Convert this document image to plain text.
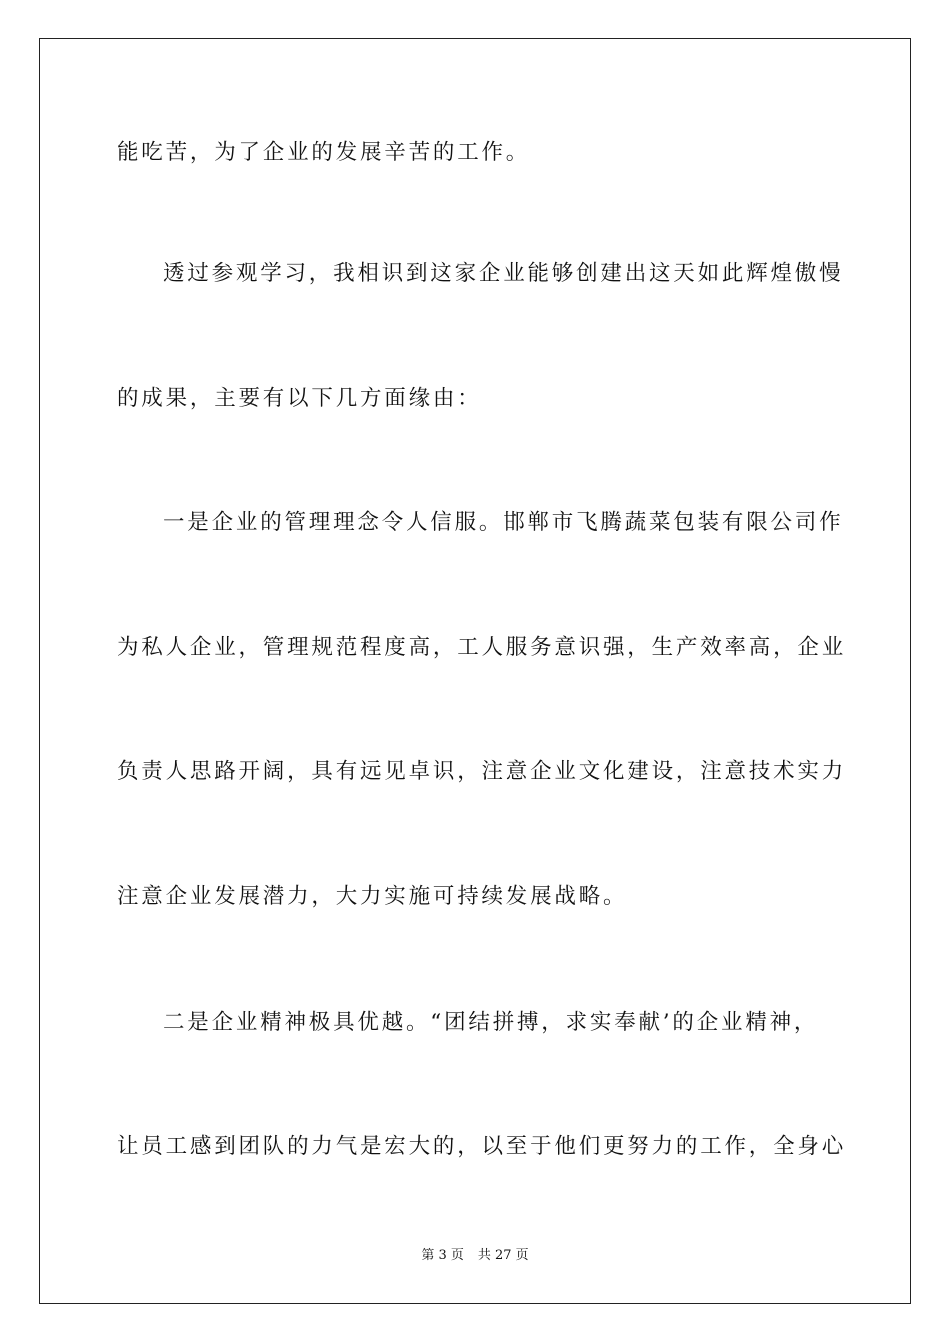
能吃苦，为了企业的发展辛苦的工作。
透过参观学习，我相识到这家企业能够创建出这天如此辉煌傲慢
的成果，主要有以下几方面缘由：
一是企业的管理理念令人信服。邯郸市飞腾蔬菜包装有限公司作
为私人企业，管理规范程度高，工人服务意识强，生产效率高，企业
负责人思路开阔，具有远见卓识，注意企业文化建设，注意技术实力
注意企业发展潜力，大力实施可持续发展战略。
二是企业精神极具优越。“团结拼搏，求实奉献’的企业精神，
让员工感到团队的力气是宏大的，以至于他们更努力的工作，全身心
第 3 页 共 27 页
